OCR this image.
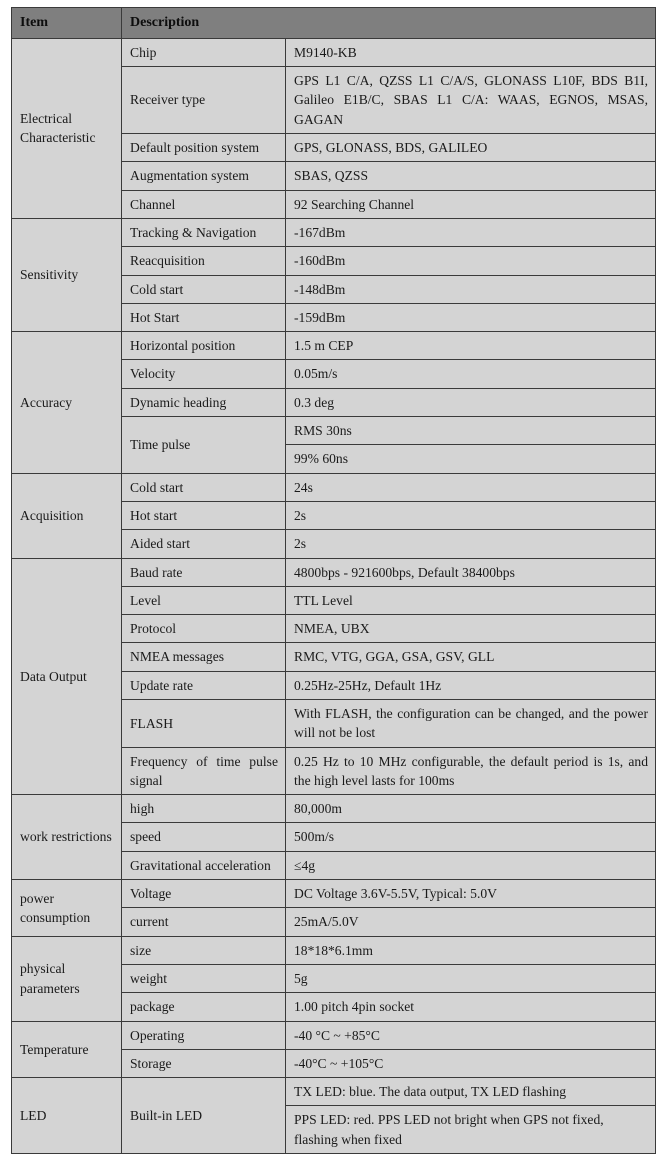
Item	Description	
Electrical Characteristic	Chip	M9140-KB
	Receiver type	GPS L1 C/A, QZSS L1 C/A/S, GLONASS L10F, BDS B1I, Galileo E1B/C, SBAS L1 C/A: WAAS, EGNOS, MSAS, GAGAN
	Default position system	GPS, GLONASS, BDS, GALILEO
	Augmentation system	SBAS, QZSS
	Channel	92 Searching Channel
Sensitivity	Tracking & Navigation	-167dBm
	Reacquisition	-160dBm
	Cold start	-148dBm
	Hot Start	-159dBm
Accuracy	Horizontal position	1.5 m CEP
	Velocity	0.05m/s
	Dynamic heading	0.3 deg
	Time pulse	RMS 30ns
		99% 60ns
Acquisition	Cold start	24s
	Hot start	2s
	Aided start	2s
Data Output	Baud rate	4800bps - 921600bps, Default 38400bps
	Level	TTL Level
	Protocol	NMEA, UBX
	NMEA messages	RMC, VTG, GGA, GSA, GSV, GLL
	Update rate	0.25Hz-25Hz, Default 1Hz
	FLASH	With FLASH, the configuration can be changed, and the power will not be lost
	Frequency of time pulse signal	0.25 Hz to 10 MHz configurable, the default period is 1s, and the high level lasts for 100ms
work restrictions	high	80,000m
	speed	500m/s
	Gravitational acceleration	≤4g
power consumption	Voltage	DC Voltage 3.6V-5.5V, Typical: 5.0V
	current	25mA/5.0V
physical parameters	size	18*18*6.1mm
	weight	5g
	package	1.00 pitch 4pin socket
Temperature	Operating	-40 °C ~ +85°C
	Storage	-40°C ~ +105°C
LED	Built-in LED	TX LED: blue. The data output, TX LED flashing
		PPS LED: red. PPS LED not bright when GPS not fixed, flashing when fixed
